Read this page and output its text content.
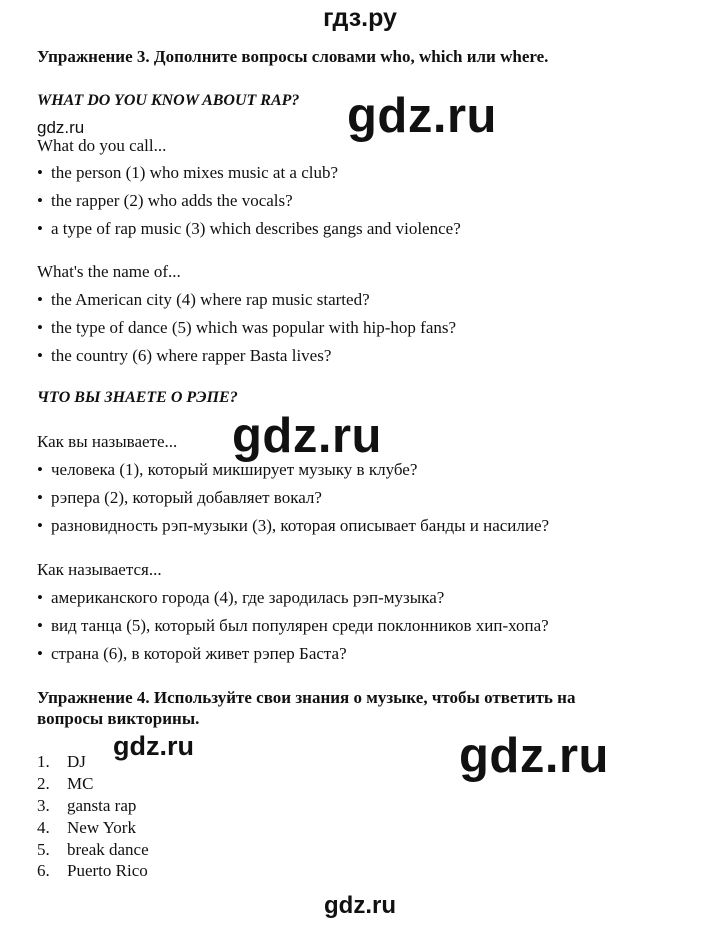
гдз.ру
Упражнение 3. Дополните вопросы словами who, which или where.
WHAT DO YOU KNOW ABOUT RAP? gdz.ru
gdz.ru
What do you call...
• the person (1) who mixes music at a club?
• the rapper (2) who adds the vocals?
• a type of rap music (3) which describes gangs and violence?
What's the name of...
• the American city (4) where rap music started?
• the type of dance (5) which was popular with hip-hop fans?
• the country (6) where rapper Basta lives?
ЧТО ВЫ ЗНАЕТЕ О РЭПЕ?
gdz.ru
Как вы называете...
• человека (1), который микширует музыку в клубе?
• рэпера (2), который добавляет вокал?
• разновидность рэп-музыки (3), которая описывает банды и насилие?
Как называется...
• американского города (4), где зародилась рэп-музыка?
• вид танца (5), который был популярен среди поклонников хип-хопа?
• страна (6), в которой живет рэпер Баста?
Упражнение 4. Используйте свои знания о музыке, чтобы ответить на
вопросы викторины.
gdz.ru	gdz.ru
1. DJ
2. MC
3. gansta rap
4. New York
5. break dance
6. Puerto Rico
gdz.ru
